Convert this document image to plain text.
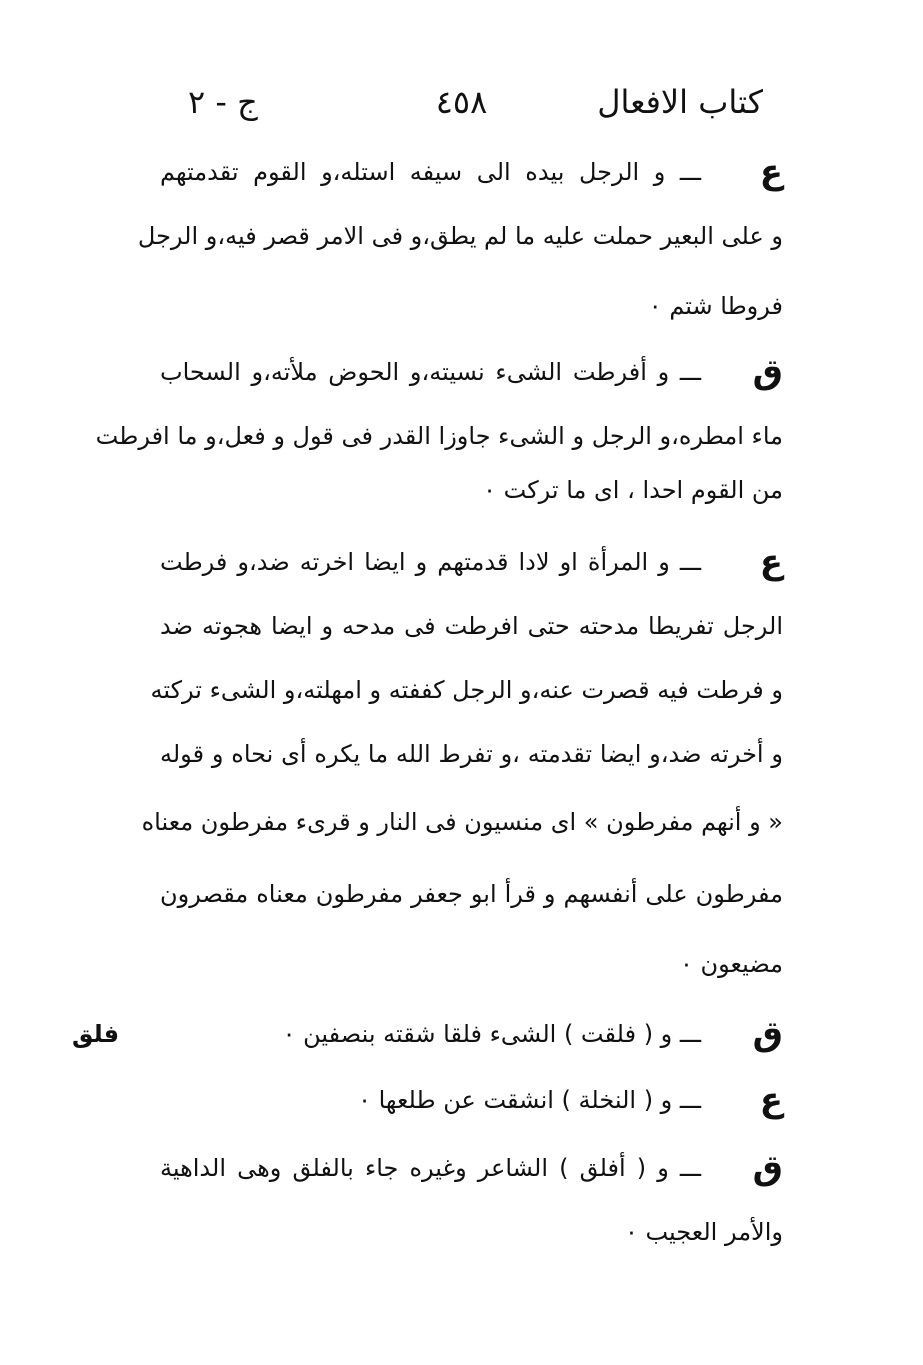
كتاب الافعال
٤٥٨
ج - ٢
ع
ـــ و الرجل بيده الى سيفه استله،و القوم تقدمتهم
و على البعير حملت عليه ما لم يطق،و فى الامر قصر فيه،و الرجل
فروطا شتم ٠
ق
ـــ و أفرطت الشىء نسيته،و الحوض ملأته،و السحاب
ماء امطره،و الرجل و الشىء جاوزا القدر فى قول و فعل،و ما افرطت
من القوم احدا ، اى ما تركت ٠
ع
ـــ و المرأة او لادا قدمتهم و ايضا اخرته ضد،و فرطت
الرجل تفريطا مدحته حتى افرطت فى مدحه و ايضا هجوته ضد
و فرطت فيه قصرت عنه،و الرجل كففته و امهلته،و الشىء تركته
و أخرته ضد،و ايضا تقدمته ،و تفرط الله ما يكره أى نحاه و قوله
« و أنهم مفرطون » اى منسيون فى النار و قرىء مفرطون معناه
مفرطون على أنفسهم و قرأ ابو جعفر مفرطون معناه مقصرون
مضيعون ٠
فلق	ق
ـــ و ( فلقت ) الشىء فلقا شقته بنصفين ٠
ع
ـــ و ( النخلة ) انشقت عن طلعها ٠
ق
ـــ و ( أفلق ) الشاعر وغيره جاء بالفلق وهى الداهية
والأمر العجيب ٠
